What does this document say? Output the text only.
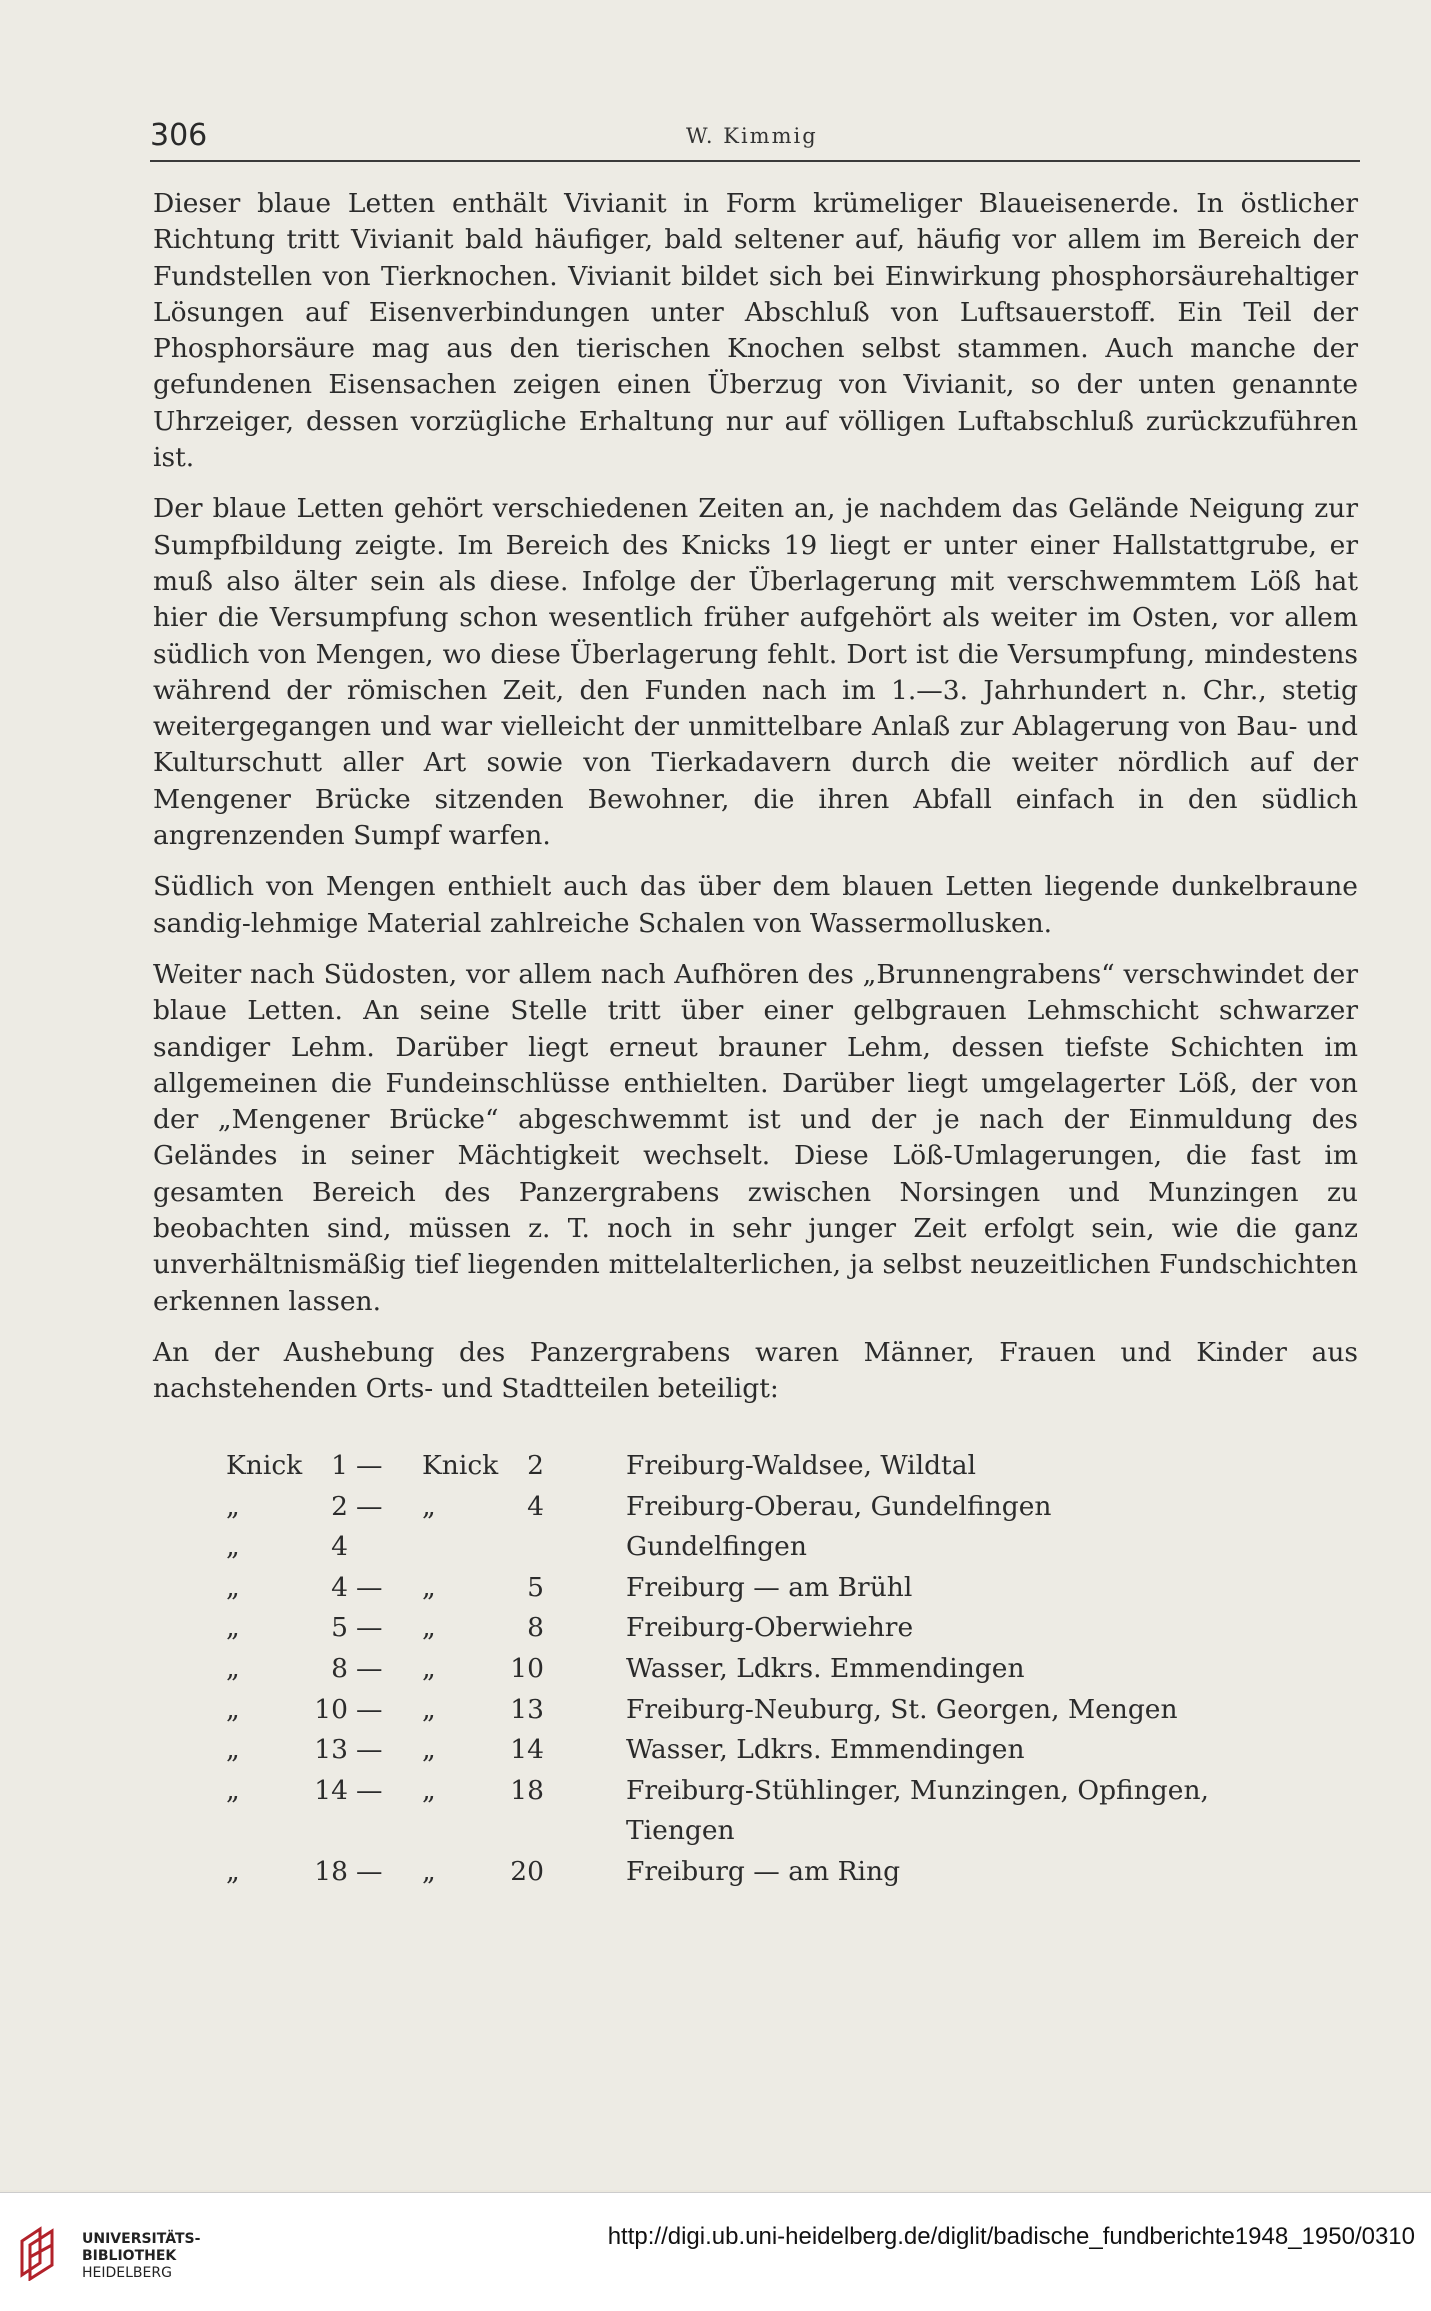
306	W. Kimmig

Dieser blaue Letten enthält Vivianit in Form krümeliger Blaueisenerde. In östlicher Richtung tritt Vivianit bald häufiger, bald seltener auf, häufig vor allem im Bereich der Fundstellen von Tierknochen. Vivianit bildet sich bei Einwirkung phosphorsäurehaltiger Lösungen auf Eisenverbindungen unter Abschluß von Luftsauerstoff. Ein Teil der Phosphorsäure mag aus den tierischen Knochen selbst stammen. Auch manche der gefundenen Eisensachen zeigen einen Überzug von Vivianit, so der unten genannte Uhrzeiger, dessen vorzügliche Erhaltung nur auf völligen Luftabschluß zurückzuführen ist.

Der blaue Letten gehört verschiedenen Zeiten an, je nachdem das Gelände Neigung zur Sumpfbildung zeigte. Im Bereich des Knicks 19 liegt er unter einer Hallstattgrube, er muß also älter sein als diese. Infolge der Überlagerung mit verschwemmtem Löß hat hier die Versumpfung schon wesentlich früher aufgehört als weiter im Osten, vor allem südlich von Mengen, wo diese Überlagerung fehlt. Dort ist die Versumpfung, mindestens während der römischen Zeit, den Funden nach im 1.—3. Jahrhundert n. Chr., stetig weitergegangen und war vielleicht der unmittelbare Anlaß zur Ablagerung von Bau- und Kulturschutt aller Art sowie von Tierkadavern durch die weiter nördlich auf der Mengener Brücke sitzenden Bewohner, die ihren Abfall einfach in den südlich angrenzenden Sumpf warfen.

Südlich von Mengen enthielt auch das über dem blauen Letten liegende dunkelbraune sandig-lehmige Material zahlreiche Schalen von Wassermollusken.

Weiter nach Südosten, vor allem nach Aufhören des „Brunnengrabens“ verschwindet der blaue Letten. An seine Stelle tritt über einer gelbgrauen Lehmschicht schwarzer sandiger Lehm. Darüber liegt erneut brauner Lehm, dessen tiefste Schichten im allgemeinen die Fundeinschlüsse enthielten. Darüber liegt umgelagerter Löß, der von der „Mengener Brücke“ abgeschwemmt ist und der je nach der Einmuldung des Geländes in seiner Mächtigkeit wechselt. Diese Löß-Umlagerungen, die fast im gesamten Bereich des Panzergrabens zwischen Norsingen und Munzingen zu beobachten sind, müssen z. T. noch in sehr junger Zeit erfolgt sein, wie die ganz unverhältnismäßig tief liegenden mittelalterlichen, ja selbst neuzeitlichen Fundschichten erkennen lassen.

An der Aushebung des Panzergrabens waren Männer, Frauen und Kinder aus nachstehenden Orts- und Stadtteilen beteiligt:

Knick	1 — Knick	2	Freiburg-Waldsee, Wildtal
„	2 — „	4	Freiburg-Oberau, Gundelfingen
„	4	Gundelfingen
„	4 — „	5	Freiburg — am Brühl
„	5 — „	8	Freiburg-Oberwiehre
„	8 — „	10	Wasser, Ldkrs. Emmendingen
„	10 — „	13	Freiburg-Neuburg, St. Georgen, Mengen
„	13 — „	14	Wasser, Ldkrs. Emmendingen
„	14 — „	18	Freiburg-Stühlinger, Munzingen, Opfingen,
Tiengen
„	18 — „	20	Freiburg — am Ring
UNIVERSITÄTS-
BIBLIOTHEK
HEIDELBERG
http://digi.ub.uni-heidelberg.de/diglit/badische_fundberichte1948_1950/0310
